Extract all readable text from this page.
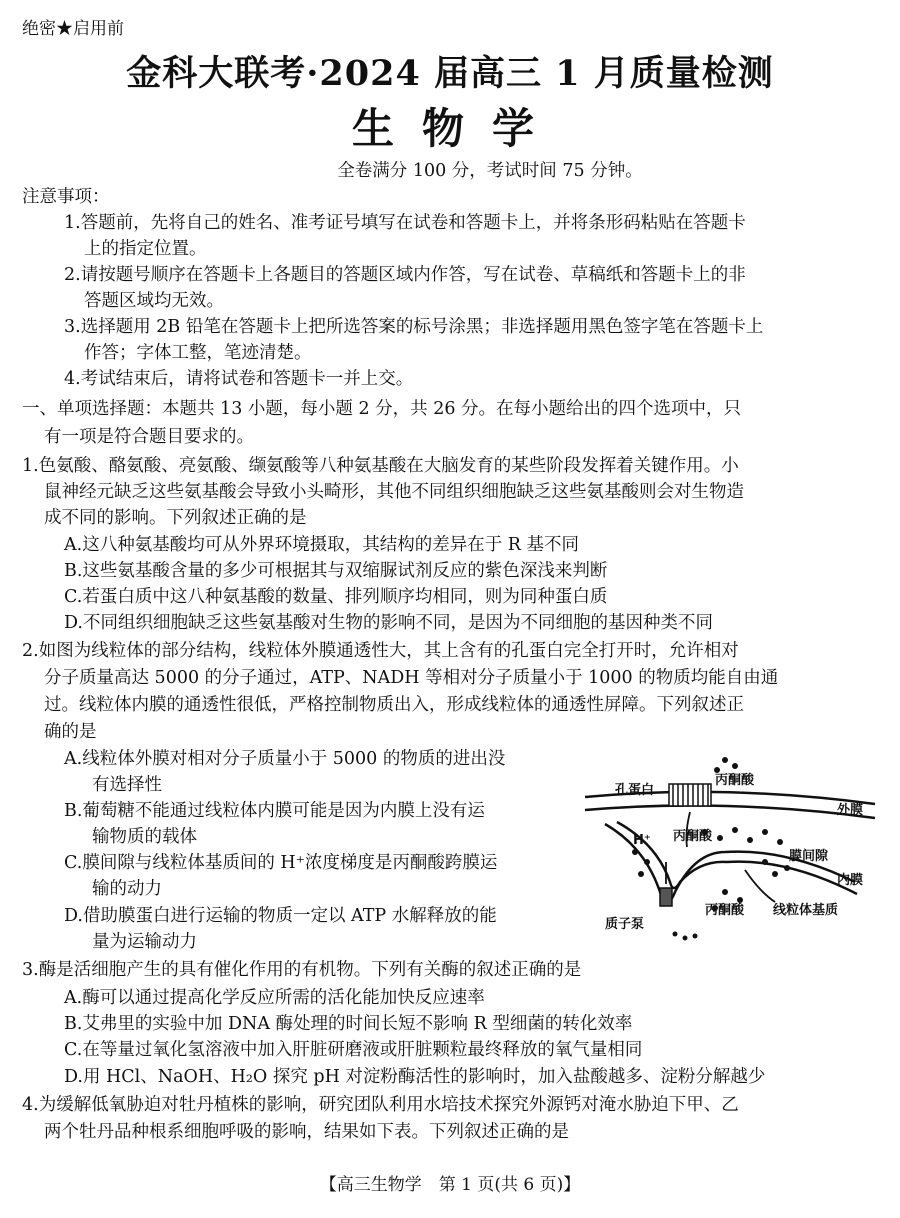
绝密★启用前
金科大联考·2024 届高三 1 月质量检测
生物学
全卷满分 100 分，考试时间 75 分钟。
注意事项：
1.答题前，先将自己的姓名、准考证号填写在试卷和答题卡上，并将条形码粘贴在答题卡
上的指定位置。
2.请按题号顺序在答题卡上各题目的答题区域内作答，写在试卷、草稿纸和答题卡上的非
答题区域均无效。
3.选择题用 2B 铅笔在答题卡上把所选答案的标号涂黑；非选择题用黑色签字笔在答题卡上
作答；字体工整，笔迹清楚。
4.考试结束后，请将试卷和答题卡一并上交。
一、单项选择题：本题共 13 小题，每小题 2 分，共 26 分。在每小题给出的四个选项中，只
有一项是符合题目要求的。
1.色氨酸、酪氨酸、亮氨酸、缬氨酸等八种氨基酸在大脑发育的某些阶段发挥着关键作用。小
鼠神经元缺乏这些氨基酸会导致小头畸形，其他不同组织细胞缺乏这些氨基酸则会对生物造
成不同的影响。下列叙述正确的是
A.这八种氨基酸均可从外界环境摄取，其结构的差异在于 R 基不同
B.这些氨基酸含量的多少可根据其与双缩脲试剂反应的紫色深浅来判断
C.若蛋白质中这八种氨基酸的数量、排列顺序均相同，则为同种蛋白质
D.不同组织细胞缺乏这些氨基酸对生物的影响不同，是因为不同细胞的基因种类不同
2.如图为线粒体的部分结构，线粒体外膜通透性大，其上含有的孔蛋白完全打开时，允许相对
分子质量高达 5000 的分子通过，ATP、NADH 等相对分子质量小于 1000 的物质均能自由通
过。线粒体内膜的通透性很低，严格控制物质出入，形成线粒体的通透性屏障。下列叙述正
确的是
A.线粒体外膜对相对分子质量小于 5000 的物质的进出没
有选择性
B.葡萄糖不能通过线粒体内膜可能是因为内膜上没有运
输物质的载体
C.膜间隙与线粒体基质间的 H⁺浓度梯度是丙酮酸跨膜运
输的动力
D.借助膜蛋白进行运输的物质一定以 ATP 水解释放的能
量为运输动力
孔蛋白
丙酮酸
外膜
H⁺
膜间隙
丙酮酸
内膜
丙酮酸 线粒体基质
质子泵
3.酶是活细胞产生的具有催化作用的有机物。下列有关酶的叙述正确的是
A.酶可以通过提高化学反应所需的活化能加快反应速率
B.艾弗里的实验中加 DNA 酶处理的时间长短不影响 R 型细菌的转化效率
C.在等量过氧化氢溶液中加入肝脏研磨液或肝脏颗粒最终释放的氧气量相同
D.用 HCl、NaOH、H₂O 探究 pH 对淀粉酶活性的影响时，加入盐酸越多、淀粉分解越少
4.为缓解低氧胁迫对牡丹植株的影响，研究团队利用水培技术探究外源钙对淹水胁迫下甲、乙
两个牡丹品种根系细胞呼吸的影响，结果如下表。下列叙述正确的是
【高三生物学　第 1 页(共 6 页)】
